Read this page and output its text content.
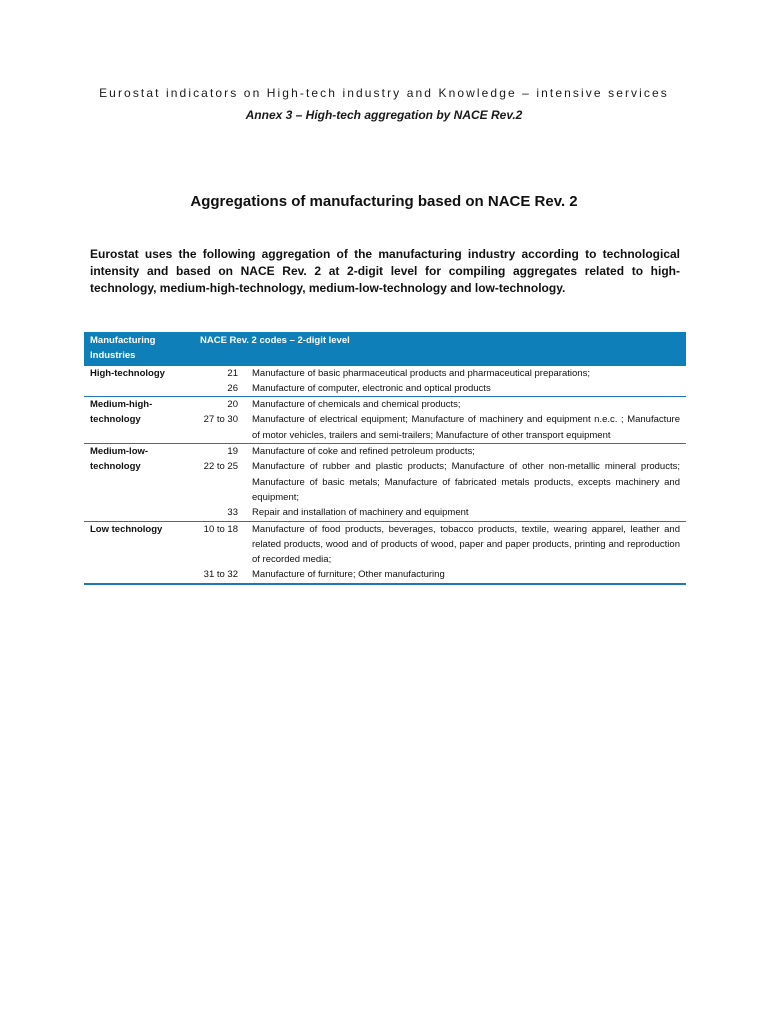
Eurostat indicators on High-tech industry and Knowledge – intensive services
Annex 3 – High-tech aggregation by NACE Rev.2
Aggregations of manufacturing based on NACE Rev. 2
Eurostat uses the following aggregation of the manufacturing industry according to technological intensity and based on NACE Rev. 2 at 2-digit level for compiling aggregates related to high-technology, medium-high-technology, medium-low-technology and low-technology.
Manufacturing Industries	NACE Rev. 2 codes – 2-digit level	
High-technology	21	Manufacture of basic pharmaceutical products and pharmaceutical preparations;
	26	Manufacture of computer, electronic and optical products
Medium-high-technology	20	Manufacture of chemicals and chemical products;
	27 to 30	Manufacture of electrical equipment; Manufacture of machinery and equipment n.e.c. ; Manufacture of motor vehicles, trailers and semi-trailers; Manufacture of other transport equipment
Medium-low-technology	19	Manufacture of coke and refined petroleum products;
	22 to 25	Manufacture of rubber and plastic products; Manufacture of other non-metallic mineral products; Manufacture of basic metals; Manufacture of fabricated metals products, excepts machinery and equipment;
	33	Repair and installation of machinery and equipment
Low technology	10 to 18	Manufacture of food products, beverages, tobacco products, textile, wearing apparel, leather and related products, wood and of products of wood, paper and paper products, printing and reproduction of recorded media;
	31 to 32	Manufacture of furniture; Other manufacturing
